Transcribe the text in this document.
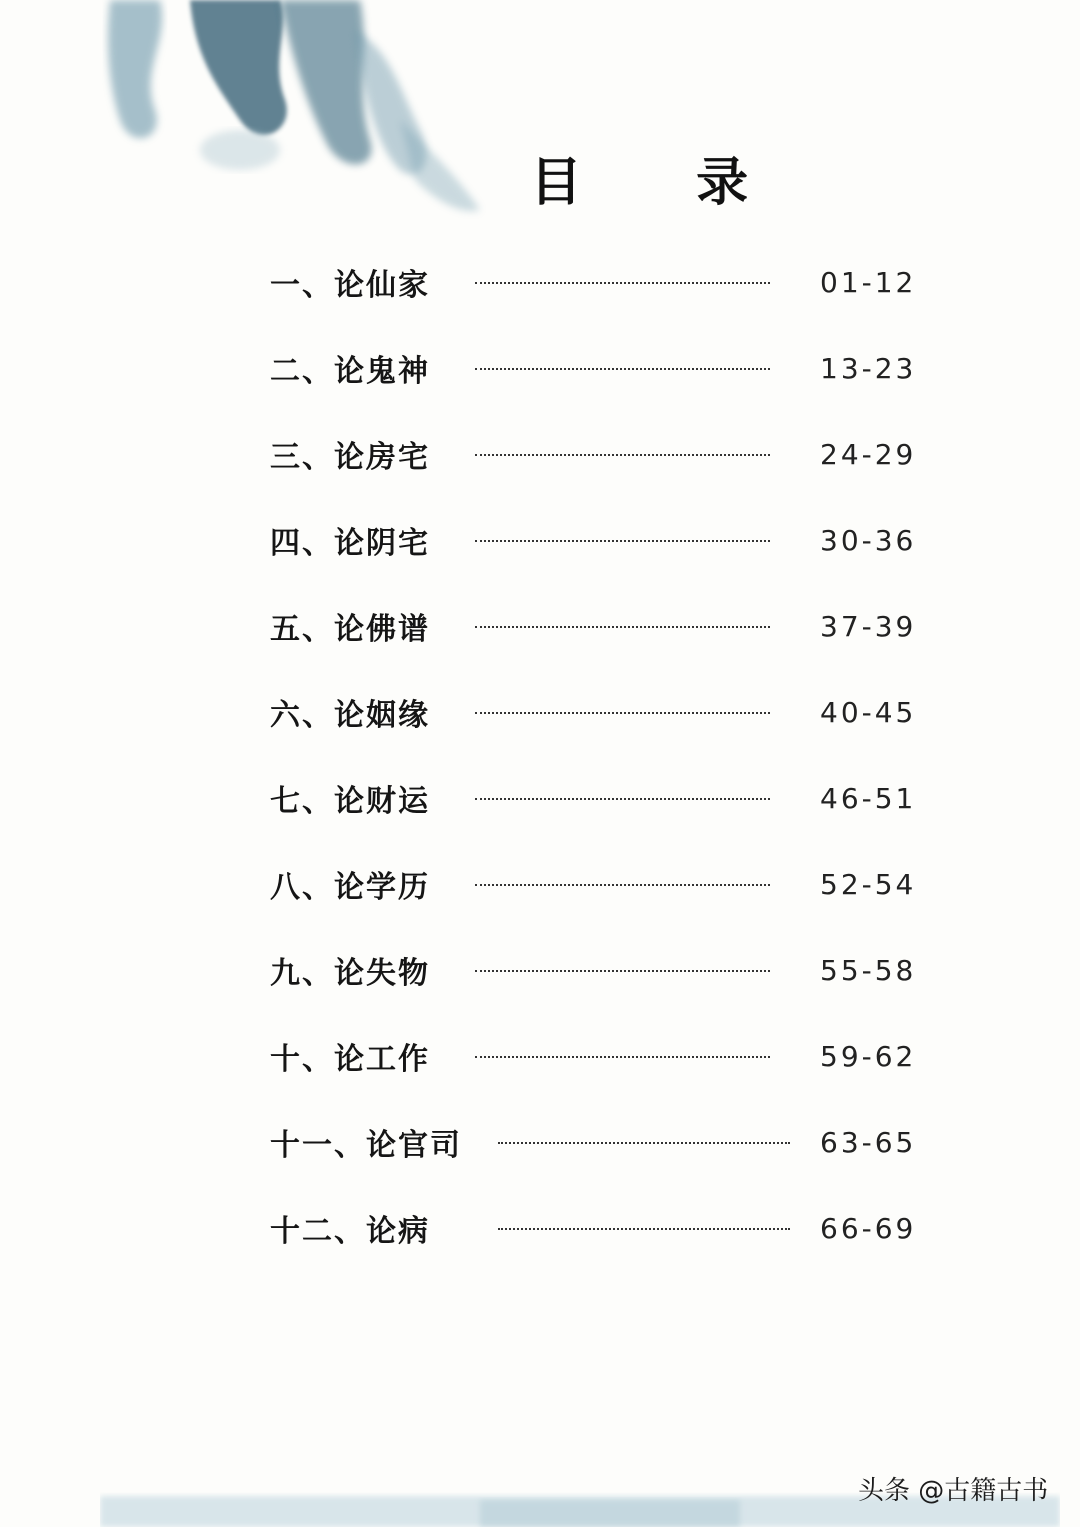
目 录
一、论仙家	01-12
二、论鬼神	13-23
三、论房宅	24-29
四、论阴宅	30-36
五、论佛谱	37-39
六、论姻缘	40-45
七、论财运	46-51
八、论学历	52-54
九、论失物	55-58
十、论工作	59-62
十一、论官司	63-65
十二、论病	66-69
头条 @古籍古书
